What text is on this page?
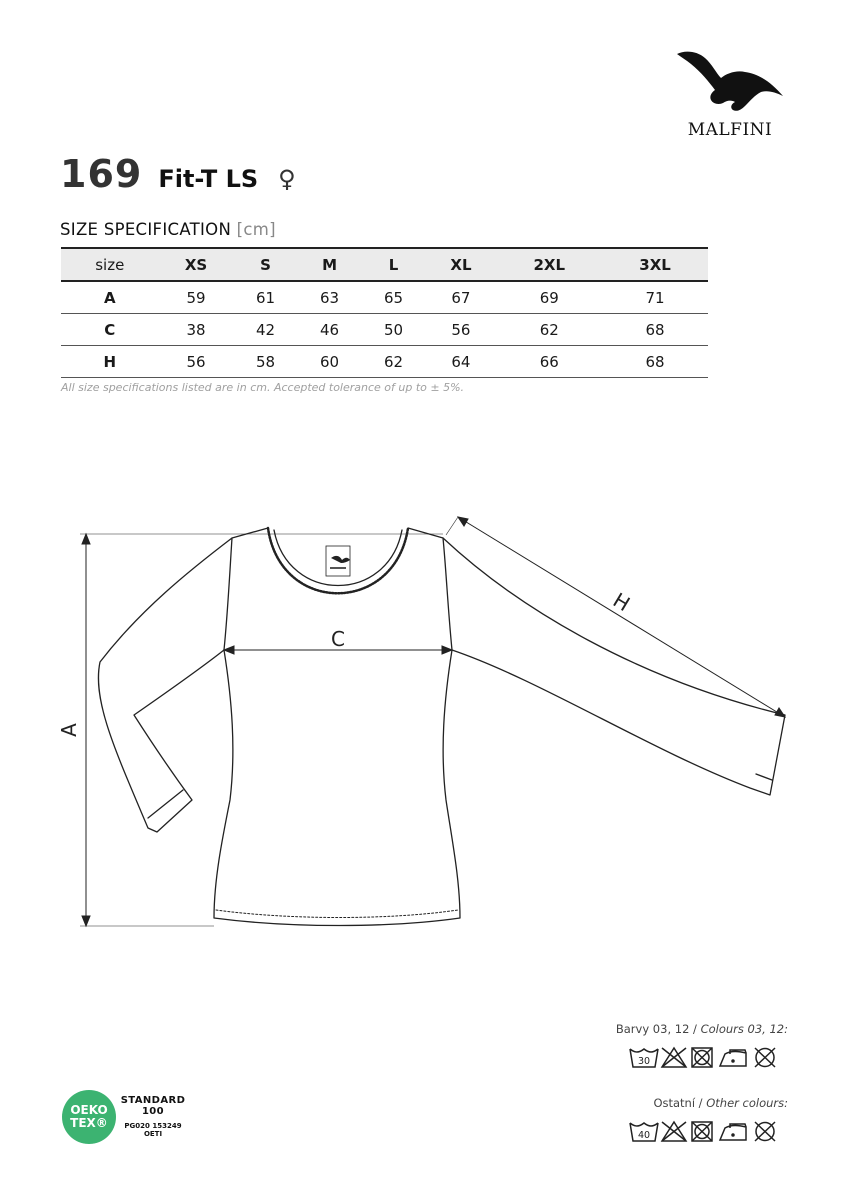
MALFINI
169 Fit-T LS ♀
SIZE SPECIFICATION [cm]
size	XS	S	M	L	XL	2XL	3XL
A	59	61	63	65	67	69	71
C	38	42	46	50	56	62	68
H	56	58	60	62	64	66	68
All size specifications listed are in cm. Accepted tolerance of up to ± 5%.
A
C
H
Barvy 03, 12 / Colours 03, 12:
30
Ostatní / Other colours:
40
OEKO
TEX®
STANDARD
100
PG020 153249
OETI
